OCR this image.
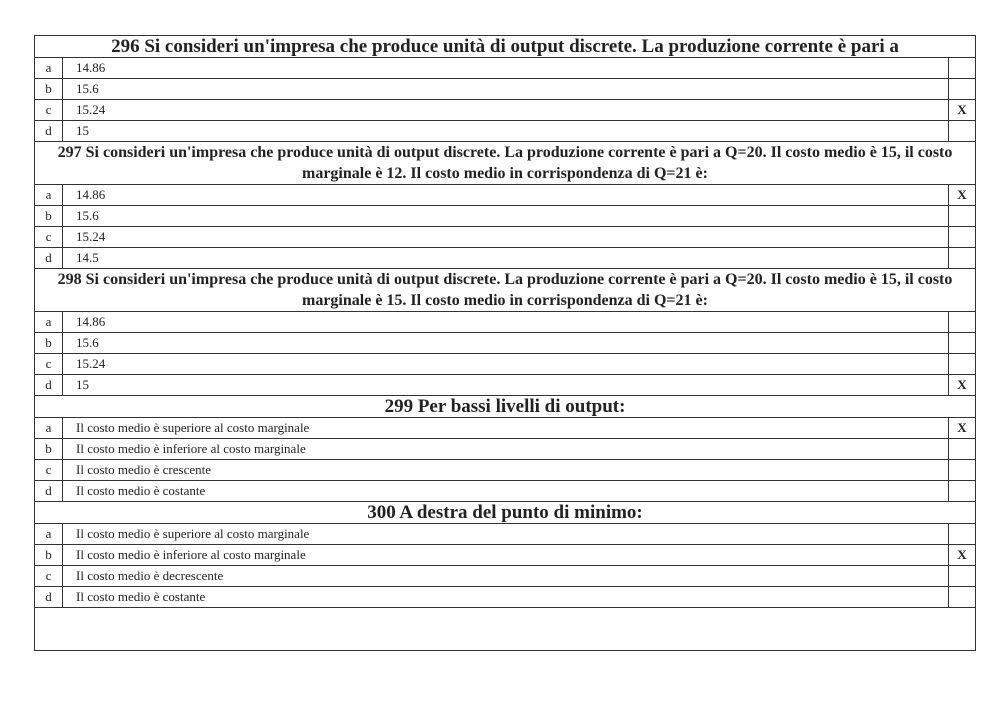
296 Si consideri un'impresa che produce unità di output discrete. La produzione corrente è pari a		
a	14.86	
b	15.6	
c	15.24	X
d	15	
297 Si consideri un'impresa che produce unità di output discrete. La produzione corrente è pari a Q=20. Il costo medio è 15, il costo marginale è 12. Il costo medio in corrispondenza di Q=21 è:		
a	14.86	X
b	15.6	
c	15.24	
d	14.5	
298 Si consideri un'impresa che produce unità di output discrete. La produzione corrente è pari a Q=20. Il costo medio è 15, il costo marginale è 15. Il costo medio in corrispondenza di Q=21 è:		
a	14.86	
b	15.6	
c	15.24	
d	15	X
299 Per bassi livelli di output:		
a	Il costo medio è superiore al costo marginale	X
b	Il costo medio è inferiore al costo marginale	
c	Il costo medio è crescente	
d	Il costo medio è costante	
300 A destra del punto di minimo:		
a	Il costo medio è superiore al costo marginale	
b	Il costo medio è inferiore al costo marginale	X
c	Il costo medio è decrescente	
d	Il costo medio è costante	
